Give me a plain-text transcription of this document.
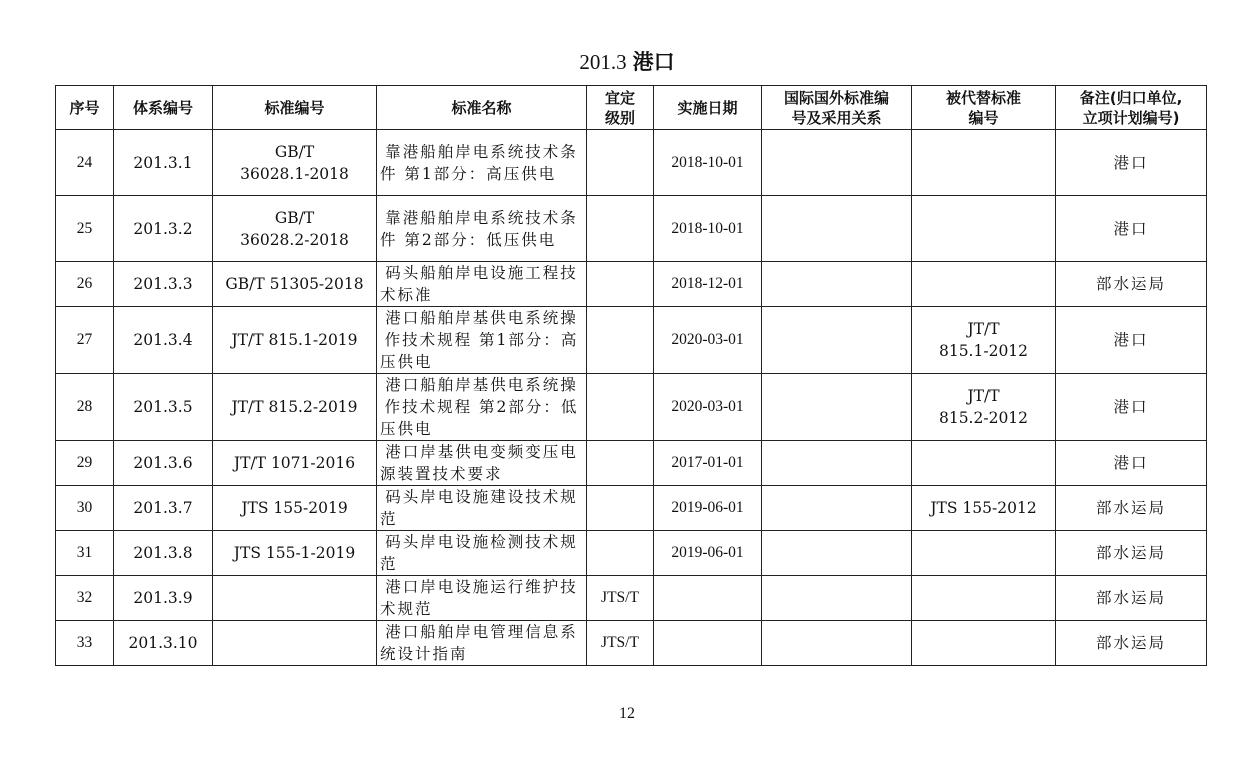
201.3 港口
序号	体系编号	标准编号	标准名称	宜定
级别	实施日期	国际国外标准编
号及采用关系	被代替标准
编号	备注(归口单位,
立项计划编号)
24	201.3.1	GB/T
36028.1-2018	靠港船舶岸电系统技术条件 第1部分：高压供电		2018-10-01			港口
25	201.3.2	GB/T
36028.2-2018	靠港船舶岸电系统技术条件 第2部分：低压供电		2018-10-01			港口
26	201.3.3	GB/T 51305-2018	码头船舶岸电设施工程技术标准		2018-12-01			部水运局
27	201.3.4	JT/T 815.1-2019	港口船舶岸基供电系统操作技术规程 第1部分：高压供电		2020-03-01		JT/T
815.1-2012	港口
28	201.3.5	JT/T 815.2-2019	港口船舶岸基供电系统操作技术规程 第2部分：低压供电		2020-03-01		JT/T
815.2-2012	港口
29	201.3.6	JT/T 1071-2016	港口岸基供电变频变压电源装置技术要求		2017-01-01			港口
30	201.3.7	JTS 155-2019	码头岸电设施建设技术规范		2019-06-01		JTS 155-2012	部水运局
31	201.3.8	JTS 155-1-2019	码头岸电设施检测技术规范		2019-06-01			部水运局
32	201.3.9		港口岸电设施运行维护技术规范	JTS/T				部水运局
33	201.3.10		港口船舶岸电管理信息系统设计指南	JTS/T				部水运局
12
